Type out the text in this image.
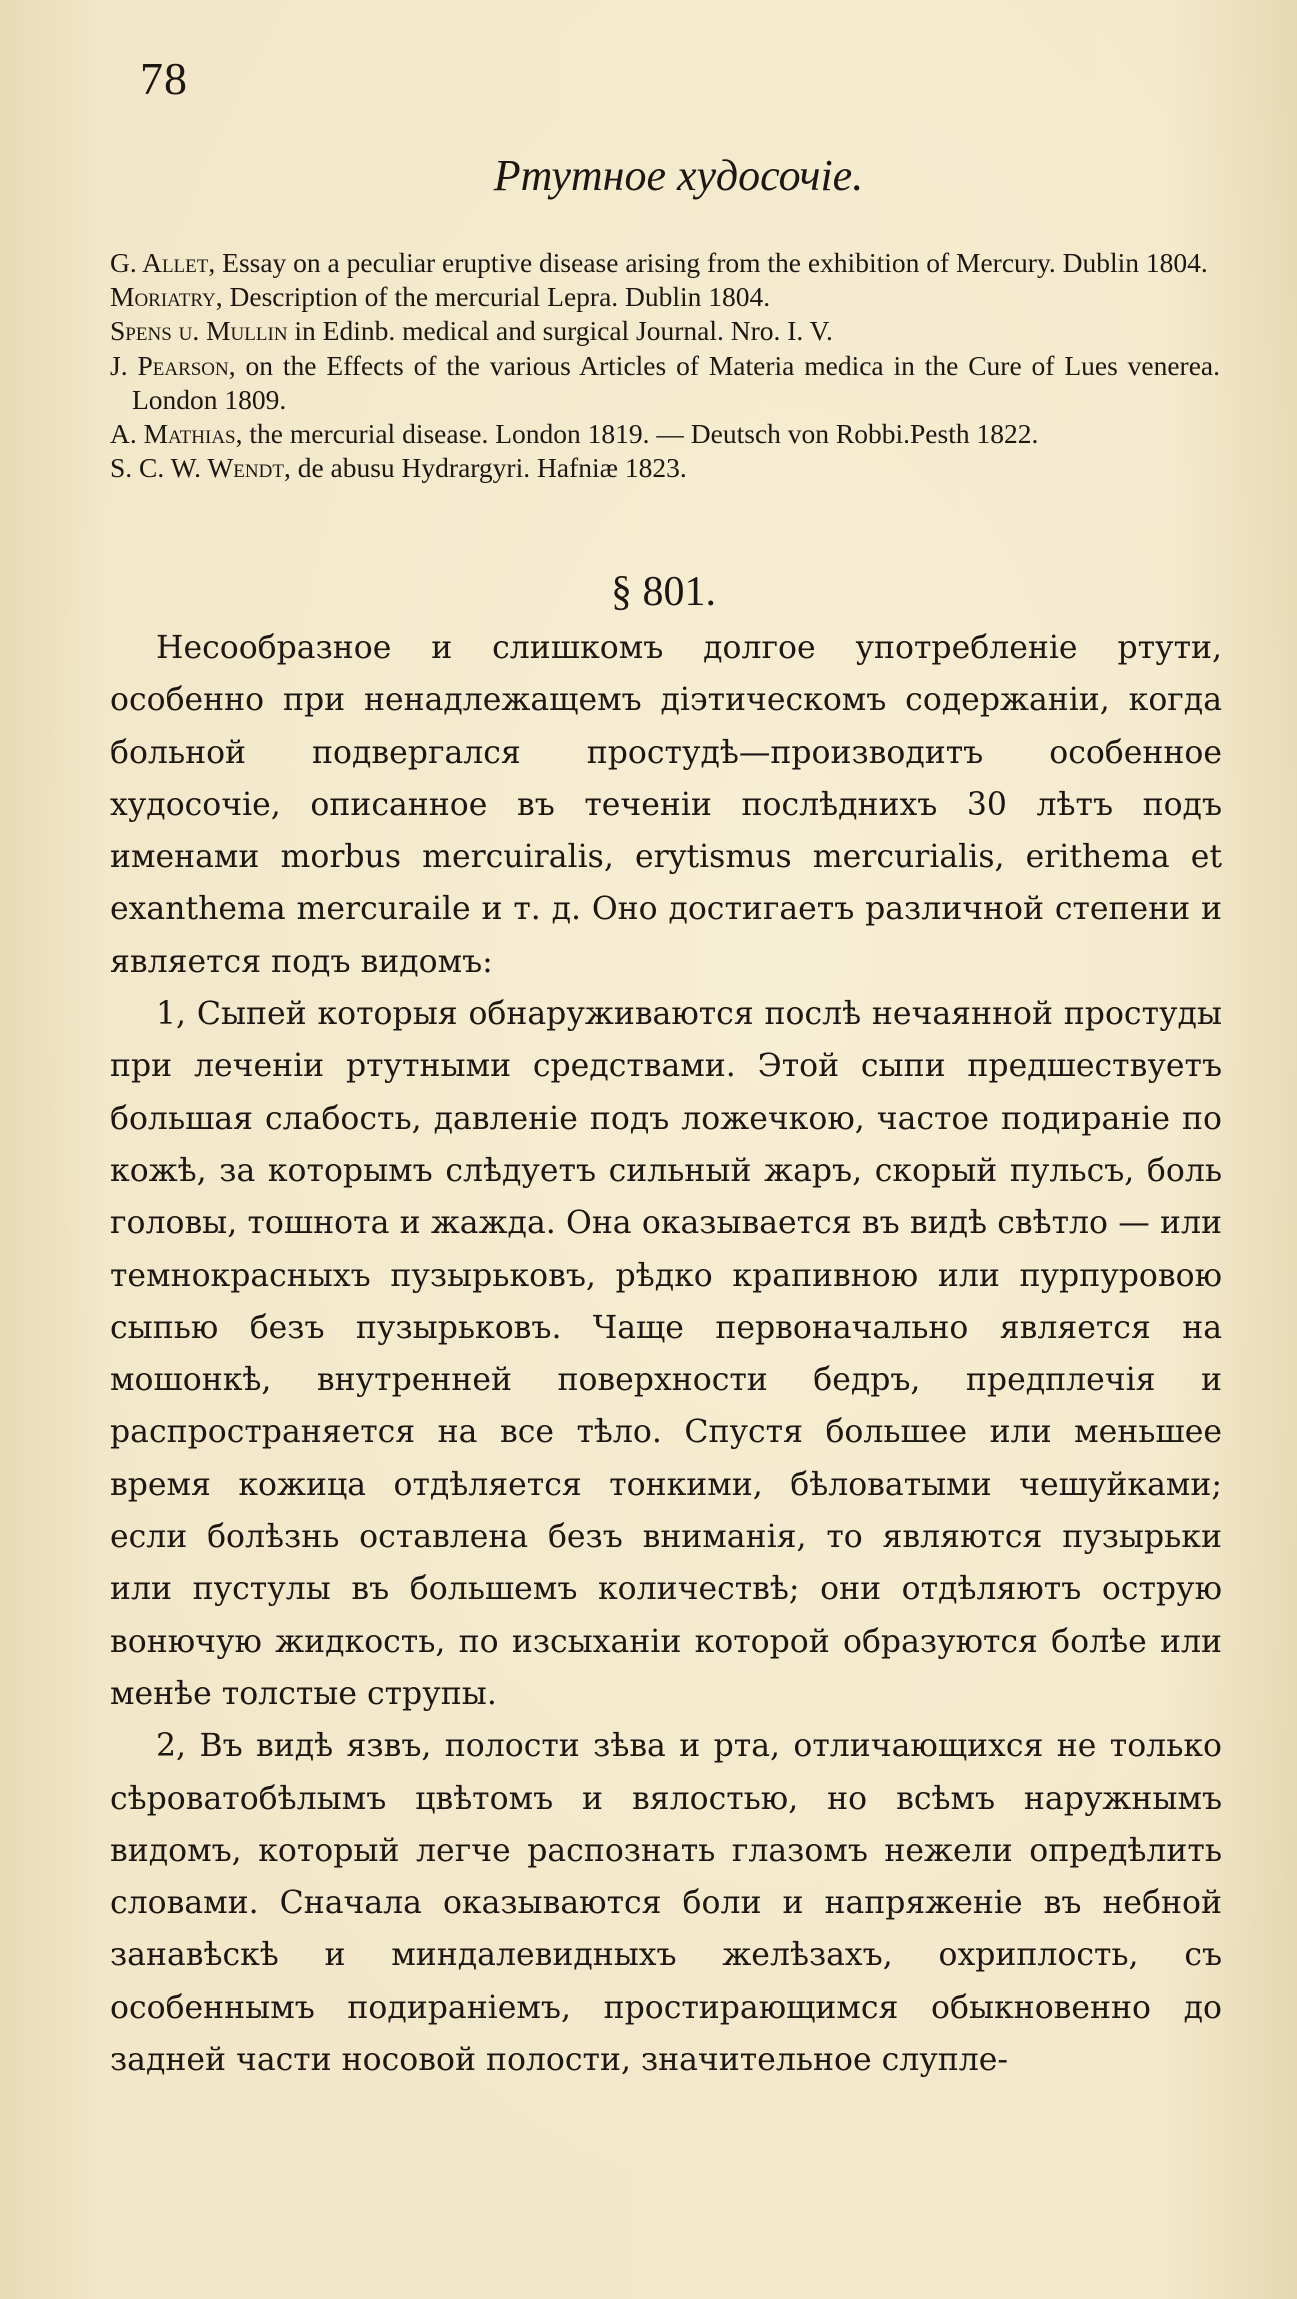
78
Ртутное худосочіе.

G. Allet, Essay on a peculiar eruptive disease arising from the exhibition of Mercury. Dublin 1804.

Moriatry, Description of the mercurial Lepra. Dublin 1804.

Spens u. Mullin in Edinb. medical and surgical Journal. Nro. I. V.

J. Pearson, on the Effects of the various Articles of Materia medica in the Cure of Lues venerea. London 1809.

A. Mathias, the mercurial disease. London 1819. — Deutsch von Robbi.Pesth 1822.

S. C. W. Wendt, de abusu Hydrargyri. Hafniæ 1823.

§ 801.

Несообразное и слишкомъ долгое употребленіе ртути, особенно при ненадлежащемъ діэтическомъ содержаніи, когда больной подвергался простудѣ—производитъ особенное худосочіе, описанное въ теченіи послѣднихъ 30 лѣтъ подъ именами morbus mercuiralis, erytismus mercurialis, erithema et exanthema mercuraile и т. д. Оно достигаетъ различной степени и является подъ видомъ:

1, Сыпей которыя обнаруживаются послѣ нечаянной простуды при леченіи ртутными средствами. Этой сыпи предшествуетъ большая слабость, давленіе подъ ложечкою, частое подираніе по кожѣ, за которымъ слѣдуетъ сильный жаръ, скорый пульсъ, боль головы, тошнота и жажда. Она оказывается въ видѣ свѣтло — или темнокрасныхъ пузырьковъ, рѣдко крапивною или пурпуровою сыпью безъ пузырьковъ. Чаще первоначально является на мошонкѣ, внутренней поверхности бедръ, предплечія и распространяется на все тѣло. Спустя большее или меньшее время кожица отдѣляется тонкими, бѣловатыми чешуйками; если болѣзнь оставлена безъ вниманія, то являются пузырьки или пустулы въ большемъ количествѣ; они отдѣляютъ острую вонючую жидкость, по изсыханіи которой образуются болѣе или менѣе толстые струпы.

2, Въ видѣ язвъ, полости зѣва и рта, отличающихся не только сѣроватобѣлымъ цвѣтомъ и вялостью, но всѣмъ наружнымъ видомъ, который легче распознать глазомъ нежели опредѣлить словами. Сначала оказываются боли и напряженіе въ небной занавѣскѣ и миндалевидныхъ желѣзахъ, охриплость, съ особеннымъ подираніемъ, простирающимся обыкновенно до задней части носовой полости, значительное слупле-
